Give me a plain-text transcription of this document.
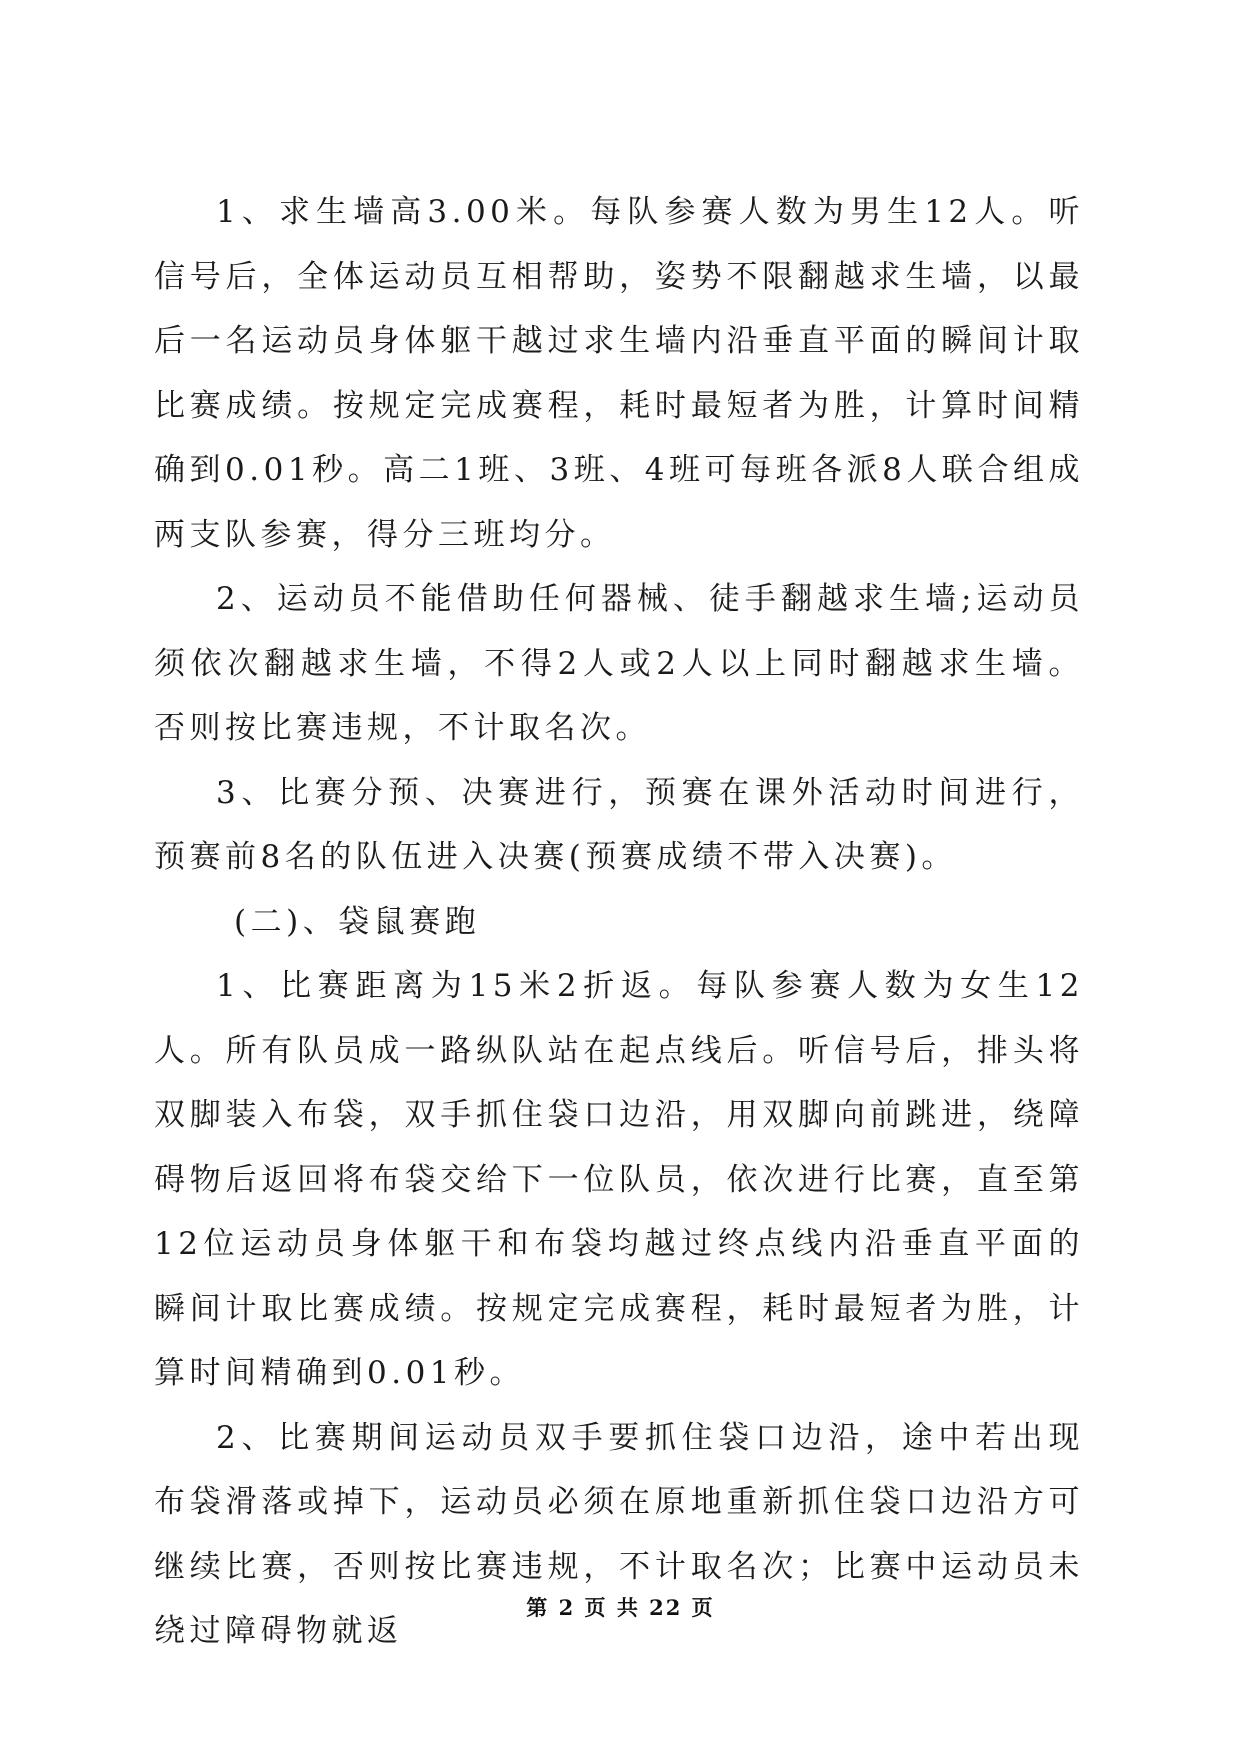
1、求生墙高3.00米。每队参赛人数为男生12人。听信号后，全体运动员互相帮助，姿势不限翻越求生墙，以最后一名运动员身体躯干越过求生墙内沿垂直平面的瞬间计取比赛成绩。按规定完成赛程，耗时最短者为胜，计算时间精确到0.01秒。高二1班、3班、4班可每班各派8人联合组成两支队参赛，得分三班均分。

2、运动员不能借助任何器械、徒手翻越求生墙;运动员须依次翻越求生墙，不得2人或2人以上同时翻越求生墙。否则按比赛违规，不计取名次。

3、比赛分预、决赛进行，预赛在课外活动时间进行，预赛前8名的队伍进入决赛(预赛成绩不带入决赛)。

(二)、袋鼠赛跑

1、比赛距离为15米2折返。每队参赛人数为女生12人。所有队员成一路纵队站在起点线后。听信号后，排头将双脚装入布袋，双手抓住袋口边沿，用双脚向前跳进，绕障碍物后返回将布袋交给下一位队员，依次进行比赛，直至第12位运动员身体躯干和布袋均越过终点线内沿垂直平面的瞬间计取比赛成绩。按规定完成赛程，耗时最短者为胜，计算时间精确到0.01秒。

2、比赛期间运动员双手要抓住袋口边沿，途中若出现布袋滑落或掉下，运动员必须在原地重新抓住袋口边沿方可继续比赛，否则按比赛违规，不计取名次；比赛中运动员未绕过障碍物就返

第 2 页 共 22 页
